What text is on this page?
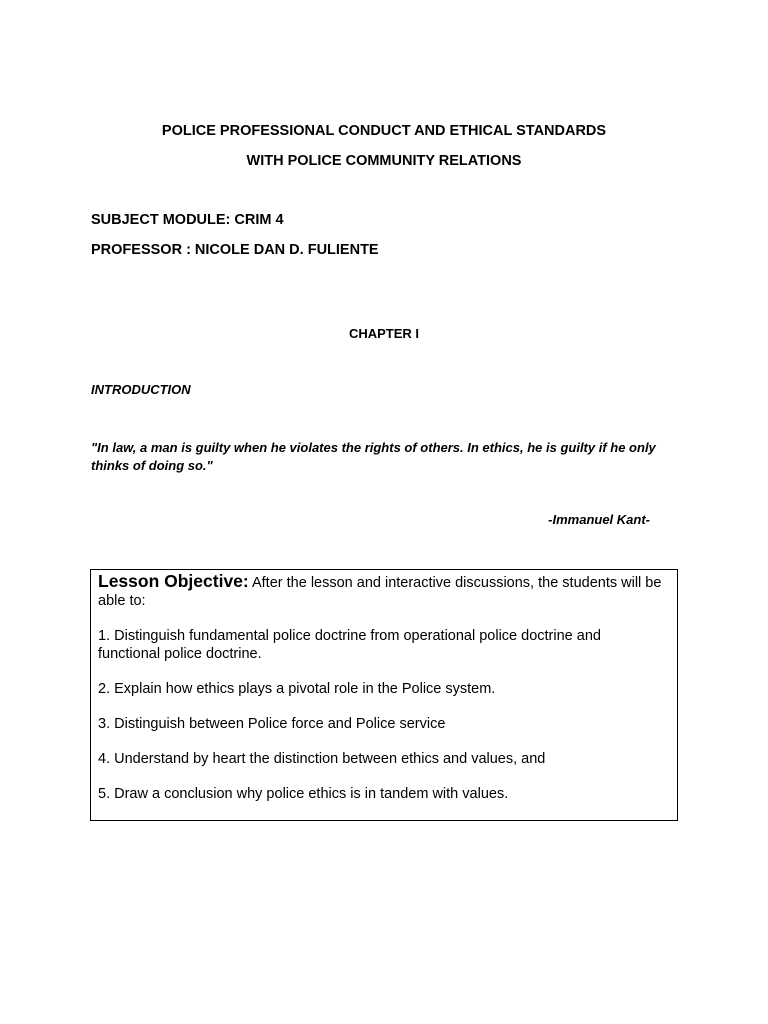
POLICE PROFESSIONAL CONDUCT AND ETHICAL STANDARDS
WITH POLICE COMMUNITY RELATIONS
SUBJECT MODULE: CRIM 4
PROFESSOR : NICOLE DAN D. FULIENTE
CHAPTER I
INTRODUCTION
"In law, a man is guilty when he violates the rights of others. In ethics, he is guilty if he only thinks of doing so."
-Immanuel Kant-

Lesson Objective: After the lesson and interactive discussions, the students will be able to:

1. Distinguish fundamental police doctrine from operational police doctrine and functional police doctrine.
2. Explain how ethics plays a pivotal role in the Police system.
3. Distinguish between Police force and Police service
4. Understand by heart the distinction between ethics and values, and
5. Draw a conclusion why police ethics is in tandem with values.
